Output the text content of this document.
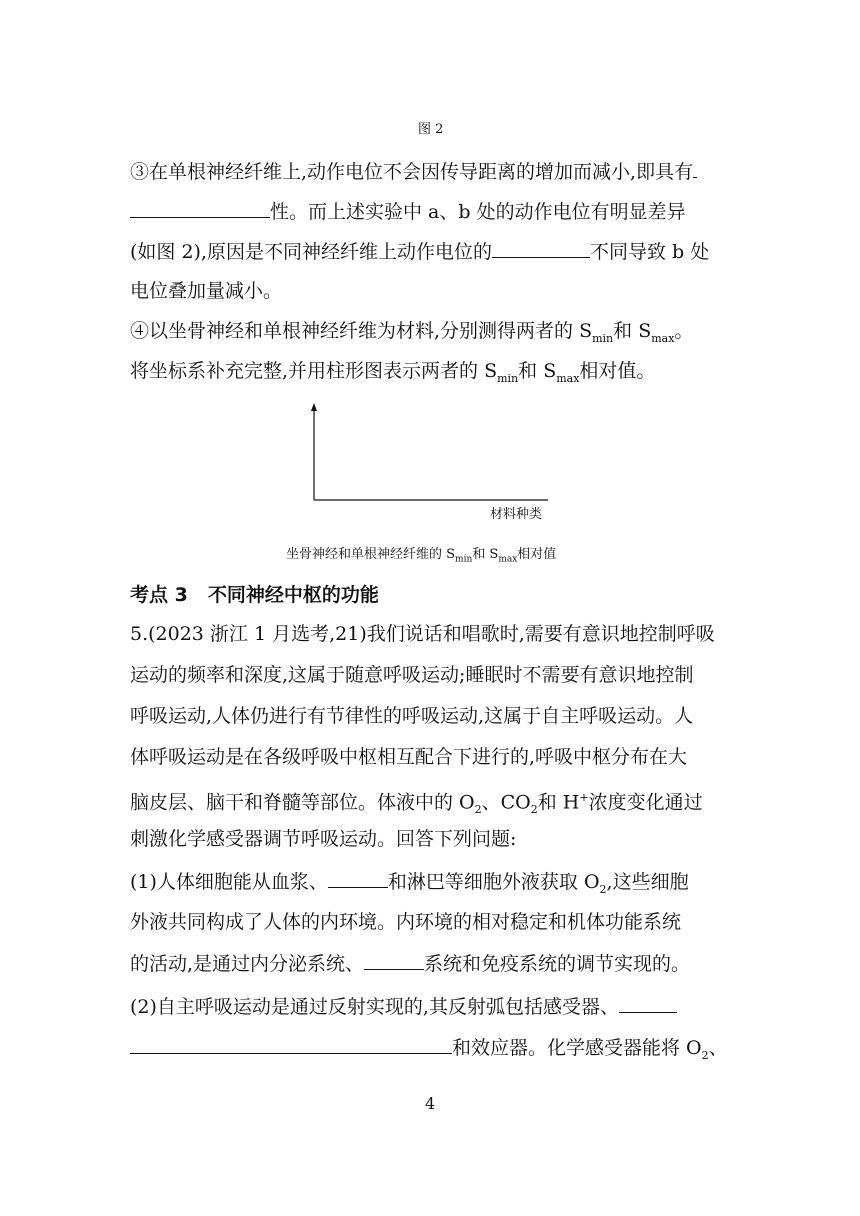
图 2
③在单根神经纤维上,动作电位不会因传导距离的增加而减小,即具有
性。而上述实验中 a、b 处的动作电位有明显差异
(如图 2),原因是不同神经纤维上动作电位的	不同导致 b 处
电位叠加量减小。
④以坐骨神经和单根神经纤维为材料,分别测得两者的 $S_{min}$和 $S_{max}$。
将坐标系补充完整,并用柱形图表示两者的 $S_{min}$和 $S_{max}$相对值。
材料种类
坐骨神经和单根神经纤维的 $S_{min}$和 $S_{max}$相对值
考点 3 不同神经中枢的功能
5.(2023 浙江 1 月选考,21)我们说话和唱歌时,需要有意识地控制呼吸
运动的频率和深度,这属于随意呼吸运动;睡眠时不需要有意识地控制
呼吸运动,人体仍进行有节律性的呼吸运动,这属于自主呼吸运动。人
体呼吸运动是在各级呼吸中枢相互配合下进行的,呼吸中枢分布在大
脑皮层、脑干和脊髓等部位。体液中的 $O_2$、$CO_2$和 H+浓度变化通过
刺激化学感受器调节呼吸运动。回答下列问题:
(1)人体细胞能从血浆、	和淋巴等细胞外液获取 $O_2$,这些细胞
外液共同构成了人体的内环境。内环境的相对稳定和机体功能系统
的活动,是通过内分泌系统、	系统和免疫系统的调节实现的。
(2)自主呼吸运动是通过反射实现的,其反射弧包括感受器、
和效应器。化学感受器能将 $O_2$、
4
